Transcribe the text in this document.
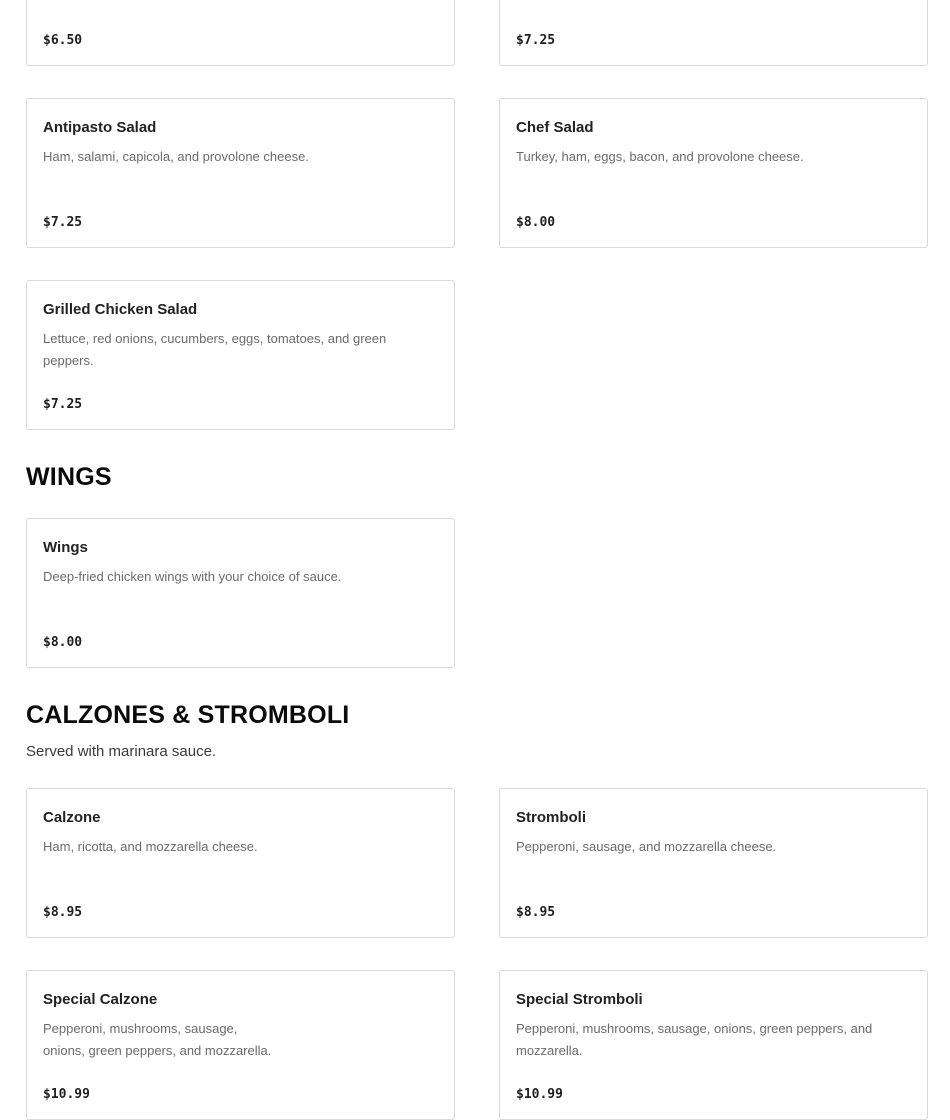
$6.50	$7.25
Antipasto Salad
Ham, salami, capicola, and provolone cheese.
$7.25
Chef Salad
Turkey, ham, eggs, bacon, and provolone cheese.
$8.00
Grilled Chicken Salad
Lettuce, red onions, cucumbers, eggs, tomatoes, and green peppers.
$7.25
WINGS
Wings
Deep-fried chicken wings with your choice of sauce.
$8.00
CALZONES & STROMBOLI

Served with marinara sauce.

Calzone
Ham, ricotta, and mozzarella cheese.
$8.95
Stromboli
Pepperoni, sausage, and mozzarella cheese.
$8.95
Special Calzone
Pepperoni, mushrooms, sausage,
onions, green peppers, and mozzarella.
$10.99
Special Stromboli
Pepperoni, mushrooms, sausage, onions, green peppers, and mozzarella.
$10.99
